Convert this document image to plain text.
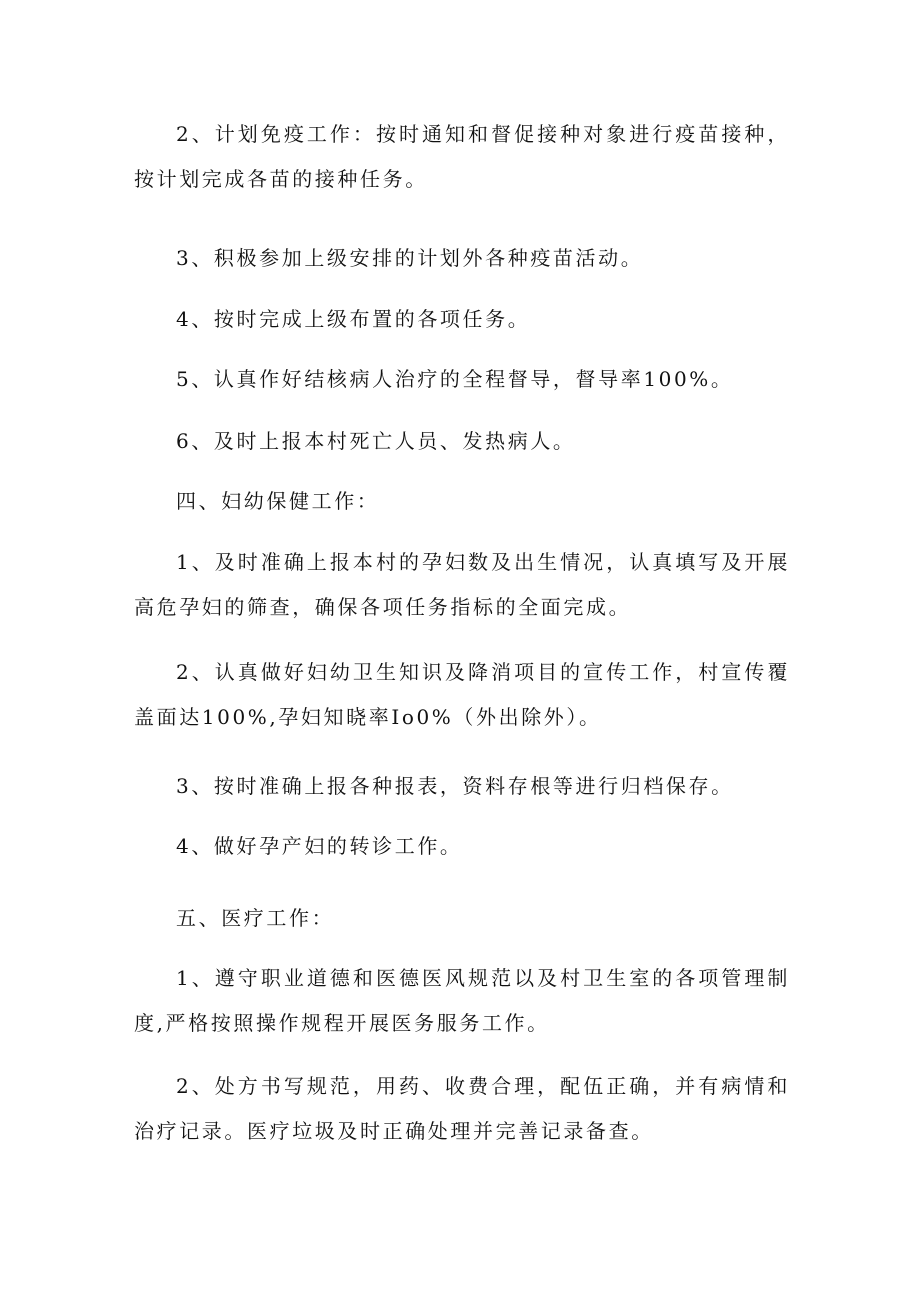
2、计划免疫工作：按时通知和督促接种对象进行疫苗接种，按计划完成各苗的接种任务。

3、积极参加上级安排的计划外各种疫苗活动。

4、按时完成上级布置的各项任务。

5、认真作好结核病人治疗的全程督导，督导率100%。

6、及时上报本村死亡人员、发热病人。

四、妇幼保健工作：

1、及时准确上报本村的孕妇数及出生情况，认真填写及开展高危孕妇的筛查，确保各项任务指标的全面完成。

2、认真做好妇幼卫生知识及降消项目的宣传工作，村宣传覆盖面达100%,孕妇知晓率Io0%（外出除外）。

3、按时准确上报各种报表，资料存根等进行归档保存。

4、做好孕产妇的转诊工作。

五、医疗工作：

1、遵守职业道德和医德医风规范以及村卫生室的各项管理制度,严格按照操作规程开展医务服务工作。

2、处方书写规范，用药、收费合理，配伍正确，并有病情和治疗记录。医疗垃圾及时正确处理并完善记录备查。
